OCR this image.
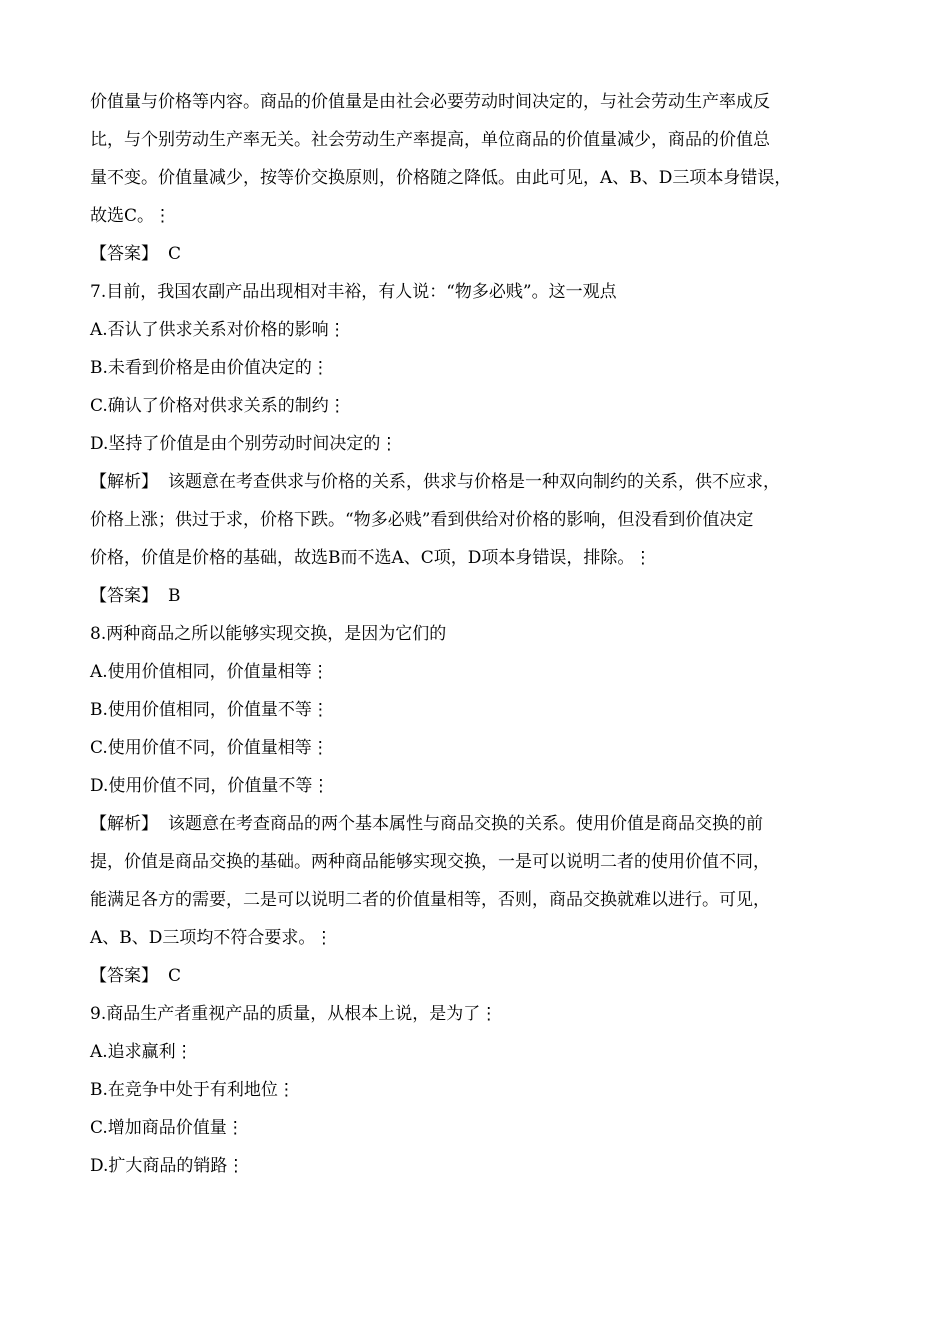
价值量与价格等内容。商品的价值量是由社会必要劳动时间决定的，与社会劳动生产率成反
比，与个别劳动生产率无关。社会劳动生产率提高，单位商品的价值量减少，商品的价值总
量不变。价值量减少，按等价交换原则，价格随之降低。由此可见，A、B、D三项本身错误，
故选C。⋮
【答案】 C
7.目前，我国农副产品出现相对丰裕，有人说：“物多必贱”。这一观点
A.否认了供求关系对价格的影响⋮
B.未看到价格是由价值决定的⋮
C.确认了价格对供求关系的制约⋮
D.坚持了价值是由个别劳动时间决定的⋮
【解析】 该题意在考查供求与价格的关系，供求与价格是一种双向制约的关系，供不应求，
价格上涨；供过于求，价格下跌。“物多必贱”看到供给对价格的影响，但没看到价值决定
价格，价值是价格的基础，故选B而不选A、C项，D项本身错误，排除。⋮
【答案】 B
8.两种商品之所以能够实现交换，是因为它们的
A.使用价值相同，价值量相等⋮
B.使用价值相同，价值量不等⋮
C.使用价值不同，价值量相等⋮
D.使用价值不同，价值量不等⋮
【解析】 该题意在考查商品的两个基本属性与商品交换的关系。使用价值是商品交换的前
提，价值是商品交换的基础。两种商品能够实现交换，一是可以说明二者的使用价值不同，
能满足各方的需要，二是可以说明二者的价值量相等，否则，商品交换就难以进行。可见，
A、B、D三项均不符合要求。⋮
【答案】 C
9.商品生产者重视产品的质量，从根本上说，是为了⋮
A.追求赢利⋮
B.在竞争中处于有利地位⋮
C.增加商品价值量⋮
D.扩大商品的销路⋮
